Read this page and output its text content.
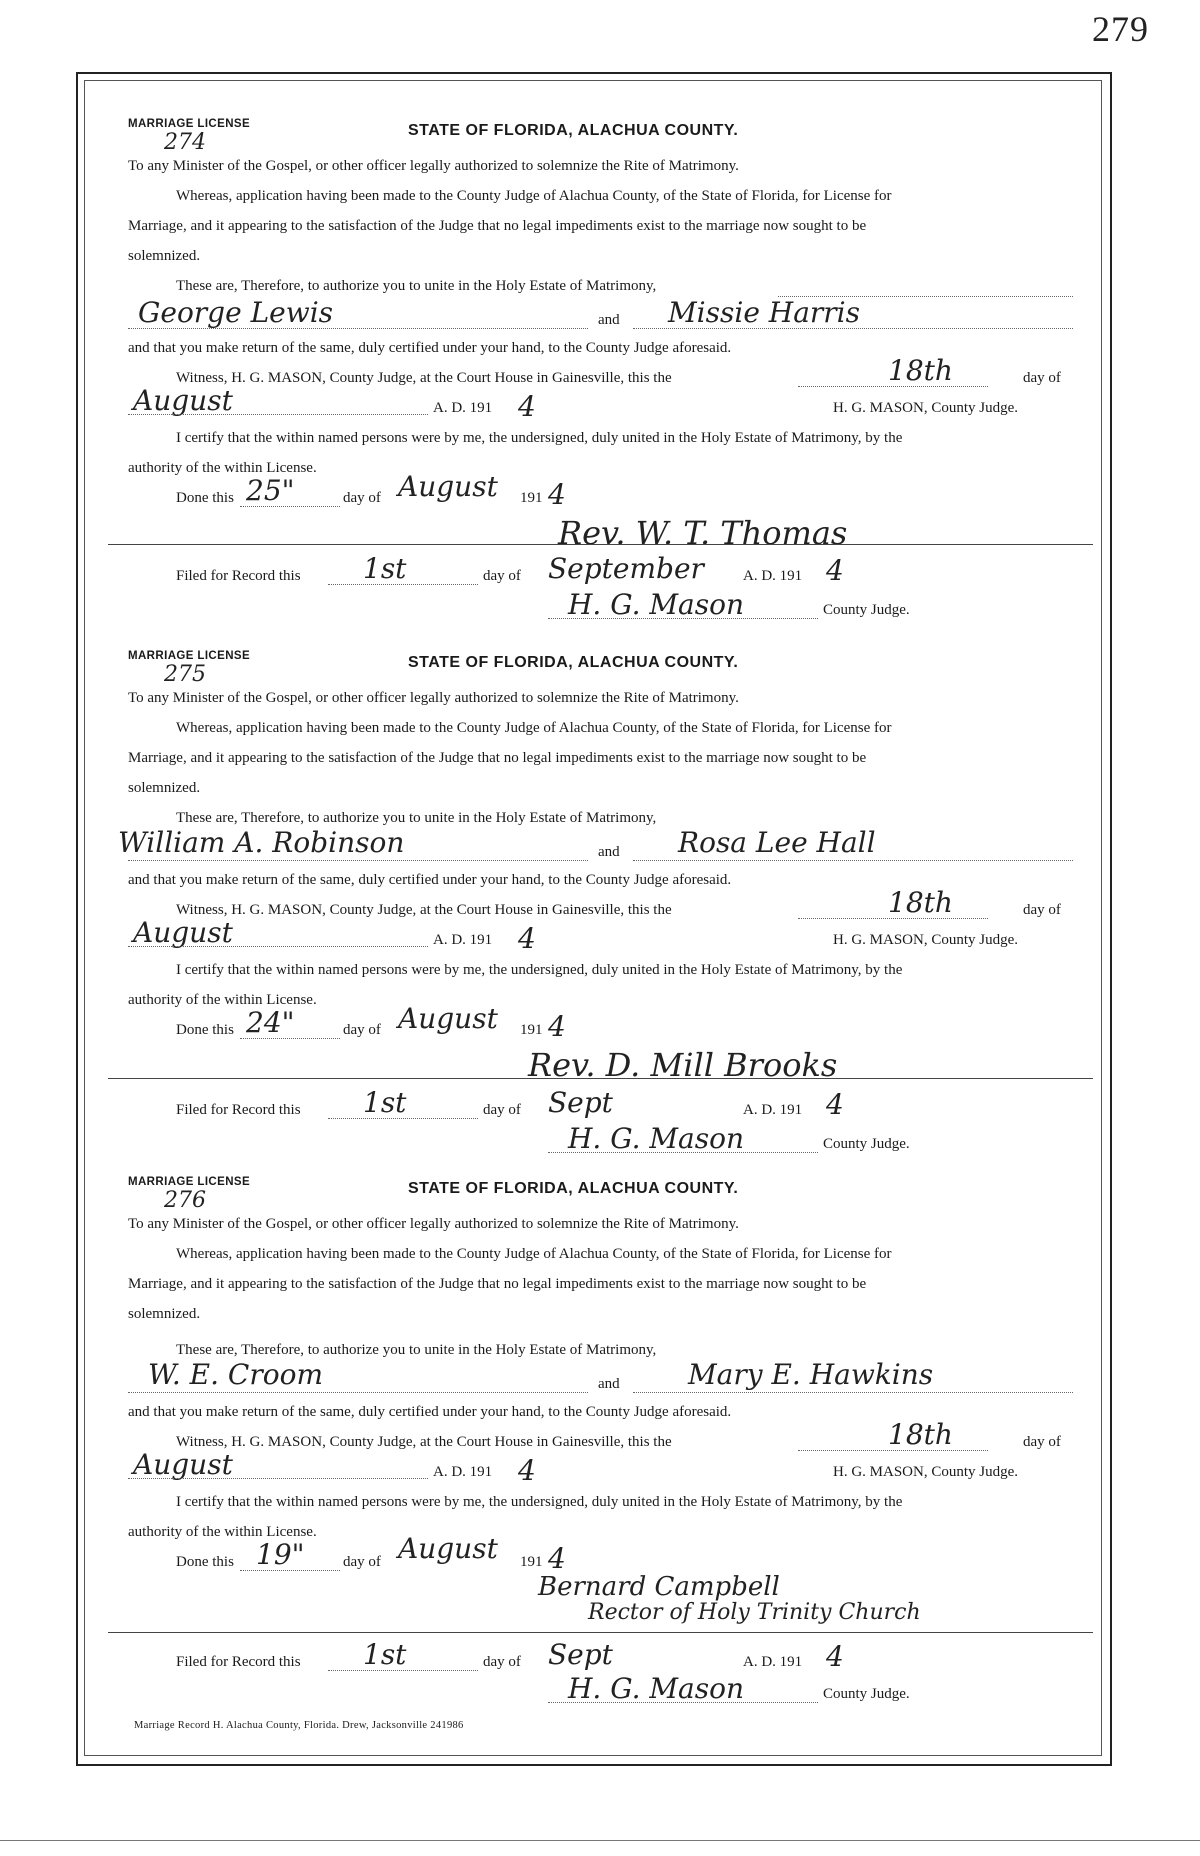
279
MARRIAGE LICENSE
274	STATE OF FLORIDA, ALACHUA COUNTY.
To any Minister of the Gospel, or other officer legally authorized to solemnize the Rite of Matrimony.
Whereas, application having been made to the County Judge of Alachua County, of the State of Florida, for License for
Marriage, and it appearing to the satisfaction of the Judge that no legal impediments exist to the marriage now sought to be
solemnized.
These are, Therefore, to authorize you to unite in the Holy Estate of Matrimony,
George Lewis	and Missie Harris
and that you make return of the same, duly certified under your hand, to the County Judge aforesaid.
Witness, H. G. MASON, County Judge, at the Court House in Gainesville, this the	18th	day of
August	A. D. 191 4	H. G. MASON, County Judge.
I certify that the within named persons were by me, the undersigned, duly united in the Holy Estate of Matrimony, by the
authority of the within License.
Done this 25"	day of August 191 4
Rev. W. T. Thomas
Filed for Record this 1st	day of September	A. D. 191 4
H. G. Mason	County Judge.
MARRIAGE LICENSE
275	STATE OF FLORIDA, ALACHUA COUNTY.
To any Minister of the Gospel, or other officer legally authorized to solemnize the Rite of Matrimony.
Whereas, application having been made to the County Judge of Alachua County, of the State of Florida, for License for
Marriage, and it appearing to the satisfaction of the Judge that no legal impediments exist to the marriage now sought to be
solemnized.
These are, Therefore, to authorize you to unite in the Holy Estate of Matrimony,
William A. Robinson	and Rosa Lee Hall
and that you make return of the same, duly certified under your hand, to the County Judge aforesaid.
Witness, H. G. MASON, County Judge, at the Court House in Gainesville, this the	18th	day of
August	A. D. 191 4	H. G. MASON, County Judge.
I certify that the within named persons were by me, the undersigned, duly united in the Holy Estate of Matrimony, by the
authority of the within License.
Done this 24"	day of August 191 4
Rev. D. Mill Brooks
Filed for Record this 1st	day of Sept	A. D. 191 4
H. G. Mason	County Judge.
MARRIAGE LICENSE
276	STATE OF FLORIDA, ALACHUA COUNTY.
To any Minister of the Gospel, or other officer legally authorized to solemnize the Rite of Matrimony.
Whereas, application having been made to the County Judge of Alachua County, of the State of Florida, for License for
Marriage, and it appearing to the satisfaction of the Judge that no legal impediments exist to the marriage now sought to be
solemnized.
These are, Therefore, to authorize you to unite in the Holy Estate of Matrimony,
W. E. Croom	and Mary E. Hawkins
and that you make return of the same, duly certified under your hand, to the County Judge aforesaid.
Witness, H. G. MASON, County Judge, at the Court House in Gainesville, this the	18th	day of
August	A. D. 191 4	H. G. MASON, County Judge.
I certify that the within named persons were by me, the undersigned, duly united in the Holy Estate of Matrimony, by the
authority of the within License.
Done this 19"	day of August 191 4
Bernard Campbell
Rector of Holy Trinity Church
Filed for Record this 1st	day of Sept	A. D. 191 4
H. G. Mason	County Judge.
Marriage Record H. Alachua County, Florida. Drew, Jacksonville 241986
